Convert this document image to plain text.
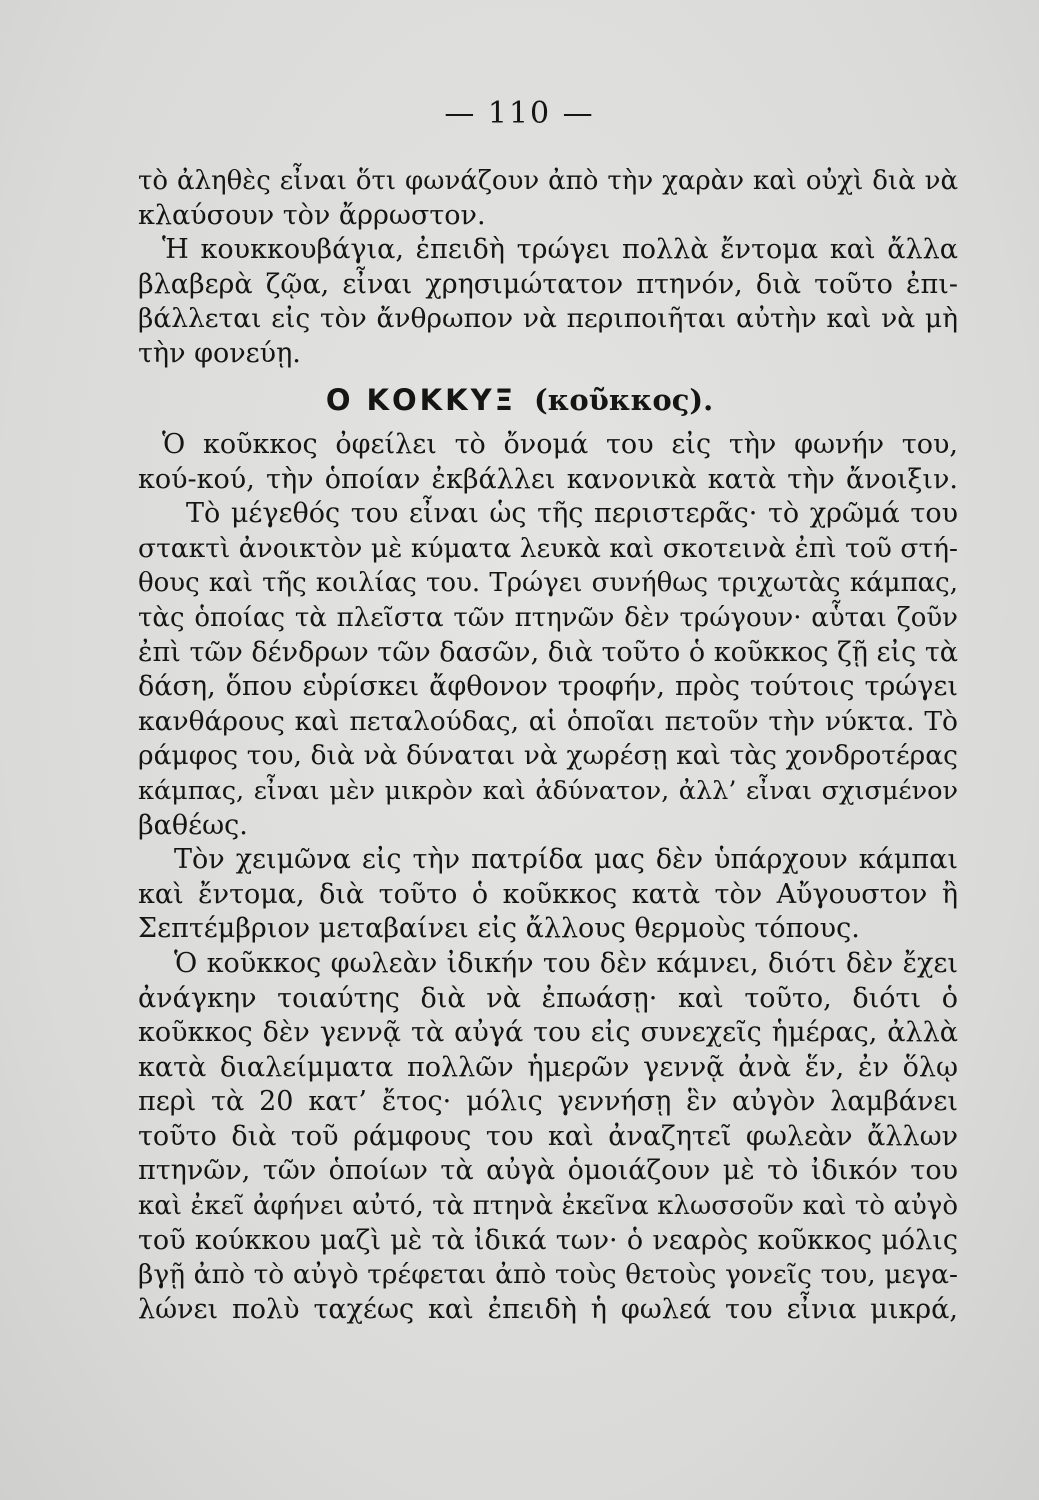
— 110 —
τὸ ἀληθὲς εἶναι ὅτι φωνάζουν ἀπὸ τὴν χαρὰν καὶ οὐχὶ διὰ νὰ
κλαύσουν τὸν ἄρρωστον.
Ἡ κουκκουβάγια, ἐπειδὴ τρώγει πολλὰ ἔντομα καὶ ἄλλα
βλαβερὰ ζῷα, εἶναι χρησιμώτατον πτηνόν, διὰ τοῦτο ἐπι-
βάλλεται εἰς τὸν ἄνθρωπον νὰ περιποιῆται αὐτὴν καὶ νὰ μὴ
τὴν φονεύῃ.
Ο ΚΟΚΚΥΞ (κοῦκκος).
Ὁ κοῦκκος ὀφείλει τὸ ὄνομά του εἰς τὴν φωνήν του,
κού-κού, τὴν ὁποίαν ἐκβάλλει κανονικὰ κατὰ τὴν ἄνοιξιν.
Τὸ μέγεθός του εἶναι ὡς τῆς περιστερᾶς· τὸ χρῶμά του
στακτὶ ἀνοικτὸν μὲ κύματα λευκὰ καὶ σκοτεινὰ ἐπὶ τοῦ στή-
θους καὶ τῆς κοιλίας του. Τρώγει συνήθως τριχωτὰς κάμπας,
τὰς ὁποίας τὰ πλεῖστα τῶν πτηνῶν δὲν τρώγουν· αὗται ζοῦν
ἐπὶ τῶν δένδρων τῶν δασῶν, διὰ τοῦτο ὁ κοῦκκος ζῇ εἰς τὰ
δάση, ὅπου εὑρίσκει ἄφθονον τροφήν, πρὸς τούτοις τρώγει
κανθάρους καὶ πεταλούδας, αἱ ὁποῖαι πετοῦν τὴν νύκτα. Τὸ
ράμφος του, διὰ νὰ δύναται νὰ χωρέσῃ καὶ τὰς χονδροτέρας
κάμπας, εἶναι μὲν μικρὸν καὶ ἀδύνατον, ἀλλ’ εἶναι σχισμένον
βαθέως.
Τὸν χειμῶνα εἰς τὴν πατρίδα μας δὲν ὑπάρχουν κάμπαι
καὶ ἔντομα, διὰ τοῦτο ὁ κοῦκκος κατὰ τὸν Αὔγουστον ἢ
Σεπτέμβριον μεταβαίνει εἰς ἄλλους θερμοὺς τόπους.
Ὁ κοῦκκος φωλεὰν ἰδικήν του δὲν κάμνει, διότι δὲν ἔχει
ἀνάγκην τοιαύτης διὰ νὰ ἐπωάσῃ· καὶ τοῦτο, διότι ὁ
κοῦκκος δὲν γεννᾷ τὰ αὐγά του εἰς συνεχεῖς ἡμέρας, ἀλλὰ
κατὰ διαλείμματα πολλῶν ἡμερῶν γεννᾷ ἀνὰ ἕν, ἐν ὅλῳ
περὶ τὰ 20 κατ’ ἔτος· μόλις γεννήσῃ ἓν αὐγὸν λαμβάνει
τοῦτο διὰ τοῦ ράμφους του καὶ ἀναζητεῖ φωλεὰν ἄλλων
πτηνῶν, τῶν ὁποίων τὰ αὐγὰ ὁμοιάζουν μὲ τὸ ἰδικόν του
καὶ ἐκεῖ ἀφήνει αὐτό, τὰ πτηνὰ ἐκεῖνα κλωσσοῦν καὶ τὸ αὐγὸ
τοῦ κούκκου μαζὶ μὲ τὰ ἰδικά των· ὁ νεαρὸς κοῦκκος μόλις
βγῇ ἀπὸ τὸ αὐγὸ τρέφεται ἀπὸ τοὺς θετοὺς γονεῖς του, μεγα-
λώνει πολὺ ταχέως καὶ ἐπειδὴ ἡ φωλεά του εἶνια μικρά,
